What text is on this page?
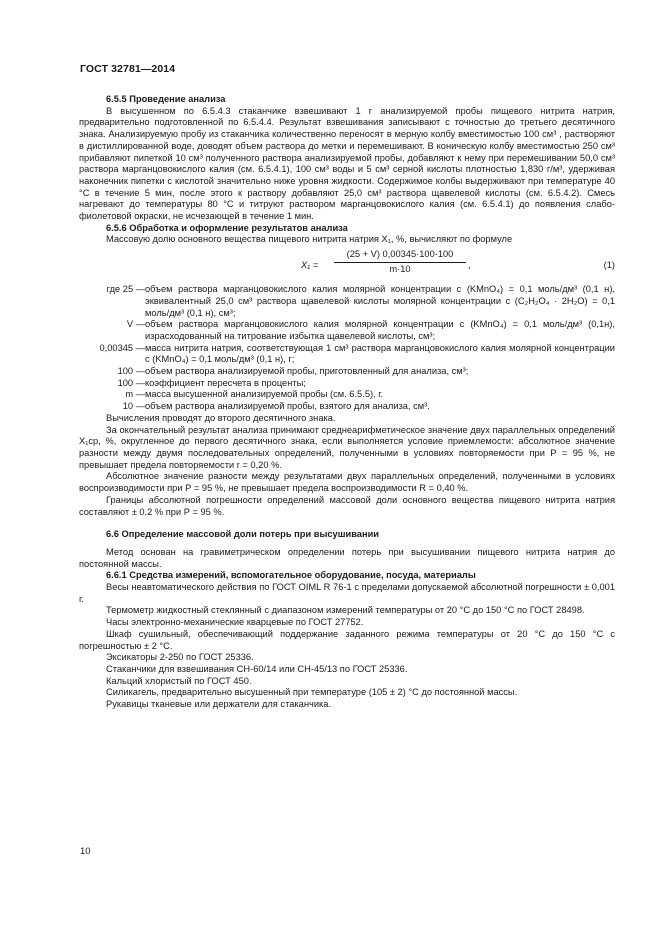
ГОСТ 32781—2014

6.5.5 Проведение анализа

В высушенном по 6.5.4.3 стаканчике взвешивают 1 г анализируемой пробы пищевого нитрита натрия, предварительно подготовленной по 6.5.4.4. Результат взвешивания записывают с точностью до третьего десятичного знака. Анализируемую пробу из стаканчика количественно переносят в мерную колбу вместимостью 100 см³ , растворяют в дистиллированной воде, доводят объем раствора до метки и перемешивают. В коническую колбу вместимостью 250 см³ прибавляют пипеткой 10 см³ полученного раствора анализируемой пробы, добавляют к нему при перемешивании 50,0 см³ раствора марганцовокислого калия (см. 6.5.4.1), 100 см³ воды и 5 см³ серной кислоты плотностью 1,830 г/м³, удерживая наконечник пипетки с кислотой значительно ниже уровня жидкости. Содержимое колбы выдерживают при температуре 40 °С в течение 5 мин, после этого к раствору добавляют 25,0 см³ раствора щавелевой кислоты (см. 6.5.4.2). Смесь нагревают до температуры 80 °С и титруют раствором марганцовокислого калия (см. 6.5.4.1) до появления слабо-фиолетовой окраски, не исчезающей в течение 1 мин.

6.5.6 Обработка и оформление результатов анализа

Массовую долю основного вещества пищевого нитрита натрия X₁, %, вычисляют по формуле

$X_1 = \frac{(25 + V) 0,00345\cdot 100\cdot 100}{m\cdot 10}$ ,	(1)
где 25 — объем раствора марганцовокислого калия молярной концентрации c (KMnO₄) = 0,1 моль/дм³ (0,1 н), эквивалентный 25,0 см³ раствора щавелевой кислоты молярной концентрации c (C₂H₂O₄ · 2H₂O) = 0,1 моль/дм³ (0,1 н), см³;
V — объем раствора марганцовокислого калия молярной концентрации c (KMnO₄) = 0,1 моль/дм³ (0,1н), израсходованный на титрование избытка щавелевой кислоты, см³;
0,00345 — масса нитрита натрия, соответствующая 1 см³ раствора марганцовокислого калия молярной концентрации c (KMnO₄) = 0,1 моль/дм³ (0,1 н), г;
100 — объем раствора анализируемой пробы, приготовленный для анализа, см³;
100 — коэффициент пересчета в проценты;
m — масса высушенной анализируемой пробы (см. 6.5.5), г.
10 — объем раствора анализируемой пробы, взятого для анализа, см³.

Вычисления проводят до второго десятичного знака.

За окончательный результат анализа принимают среднеарифметическое значение двух параллельных определений X₁ср, %, округленное до первого десятичного знака, если выполняется условие приемлемости: абсолютное значение разности между двумя последовательных определений, полученными в условиях повторяемости при Р = 95 %, не превышает предела повторяемости r = 0,20 %.

Абсолютное значение разности между результатами двух параллельных определений, полученными в условиях воспроизводимости при Р = 95 %, не превышает предела воспроизводимости R = 0,40 %.

Границы абсолютной погрешности определений массовой доли основного вещества пищевого нитрита натрия составляют ± 0.2 % при Р = 95 %.

6.6 Определение массовой доли потерь при высушивании

Метод основан на гравиметрическом определении потерь при высушивании пищевого нитрита натрия до постоянной массы.

6.6.1 Средства измерений, вспомогательное оборудование, посуда, материалы

Весы неавтоматического действия по ГОСТ OIML R 76-1 с пределами допускаемой абсолютной погрешности ± 0,001 г.

Термометр жидкостный стеклянный с диапазоном измерений температуры от 20 °С до 150 °С по ГОСТ 28498.

Часы электронно-механические кварцевые по ГОСТ 27752.

Шкаф сушильный, обеспечивающий поддержание заданного режима температуры от 20 °С до 150 °С с погрешностью ± 2 °С.

Эксикаторы 2-250 по ГОСТ 25336.

Стаканчики для взвешивания СН-60/14 или СН-45/13 по ГОСТ 25336.

Кальций хлористый по ГОСТ 450.

Силикагель, предварительно высушенный при температуре (105 ± 2) °С до постоянной массы.

Рукавицы тканевые или держатели для стаканчика.

10
